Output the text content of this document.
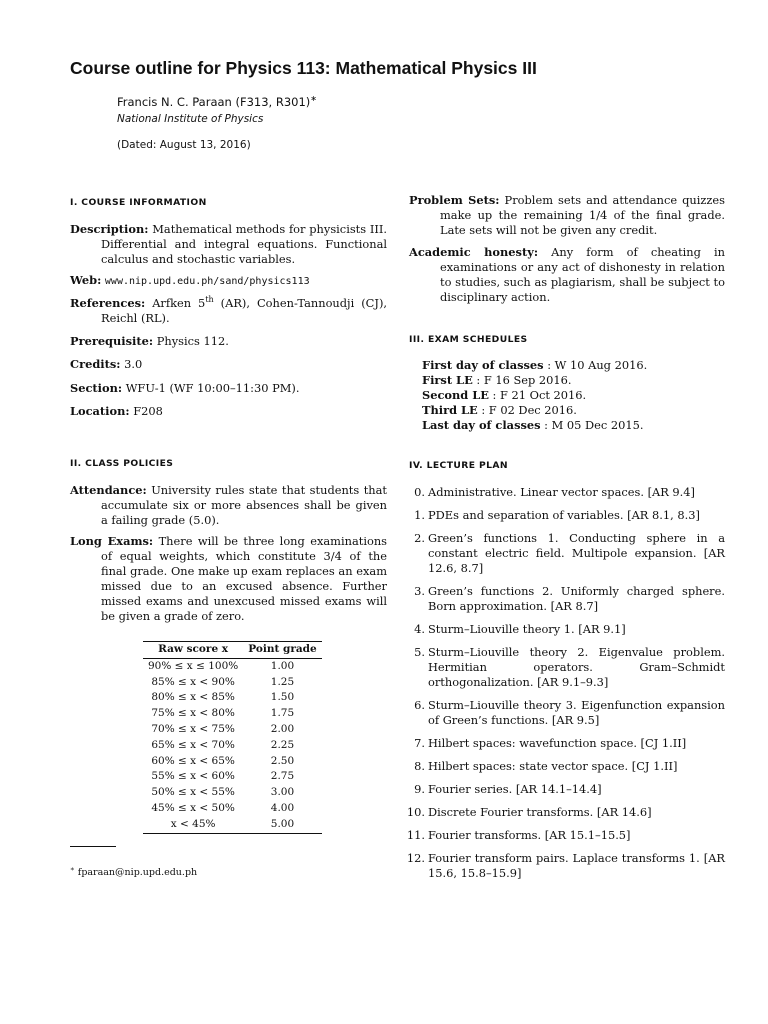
Course outline for Physics 113: Mathematical Physics III
Francis N. C. Paraan (F313, R301)∗
National Institute of Physics
(Dated: August 13, 2016)
I. COURSE INFORMATION
Description: Mathematical methods for physicists III. Differential and integral equations. Functional calculus and stochastic variables.
Web: www.nip.upd.edu.ph/sand/physics113
References: Arfken 5th (AR), Cohen-Tannoudji (CJ), Reichl (RL).
Prerequisite: Physics 112.
Credits: 3.0
Section: WFU-1 (WF 10:00–11:30 PM).
Location: F208
II. CLASS POLICIES
Attendance: University rules state that students that accumulate six or more absences shall be given a failing grade (5.0).
Long Exams: There will be three long examinations of equal weights, which constitute 3/4 of the final grade. One make up exam replaces an exam missed due to an excused absence. Further missed exams and unexcused missed exams will be given a grade of zero.
Raw score x	Point grade
90% ≤ x ≤ 100%	1.00
85% ≤ x < 90%	1.25
80% ≤ x < 85%	1.50
75% ≤ x < 80%	1.75
70% ≤ x < 75%	2.00
65% ≤ x < 70%	2.25
60% ≤ x < 65%	2.50
55% ≤ x < 60%	2.75
50% ≤ x < 55%	3.00
45% ≤ x < 50%	4.00
x < 45%	5.00
Problem Sets: Problem sets and attendance quizzes make up the remaining 1/4 of the final grade. Late sets will not be given any credit.
Academic honesty: Any form of cheating in examinations or any act of dishonesty in relation to studies, such as plagiarism, shall be subject to disciplinary action.
III. EXAM SCHEDULES
First day of classes : W 10 Aug 2016.
First LE : F 16 Sep 2016.
Second LE : F 21 Oct 2016.
Third LE : F 02 Dec 2016.
Last day of classes : M 05 Dec 2015.
IV. LECTURE PLAN
0. Administrative. Linear vector spaces. [AR 9.4]
1. PDEs and separation of variables. [AR 8.1, 8.3]
2. Green’s functions 1. Conducting sphere in a constant electric field. Multipole expansion. [AR 12.6, 8.7]
3. Green’s functions 2. Uniformly charged sphere. Born approximation. [AR 8.7]
4. Sturm–Liouville theory 1. [AR 9.1]
5. Sturm–Liouville theory 2. Eigenvalue problem. Hermitian operators. Gram–Schmidt orthogonalization. [AR 9.1–9.3]
6. Sturm–Liouville theory 3. Eigenfunction expansion of Green’s functions. [AR 9.5]
7. Hilbert spaces: wavefunction space. [CJ 1.II]
8. Hilbert spaces: state vector space. [CJ 1.II]
9. Fourier series. [AR 14.1–14.4]
10. Discrete Fourier transforms. [AR 14.6]
11. Fourier transforms. [AR 15.1–15.5]
12. Fourier transform pairs. Laplace transforms 1. [AR 15.6, 15.8–15.9]
∗ fparaan@nip.upd.edu.ph
